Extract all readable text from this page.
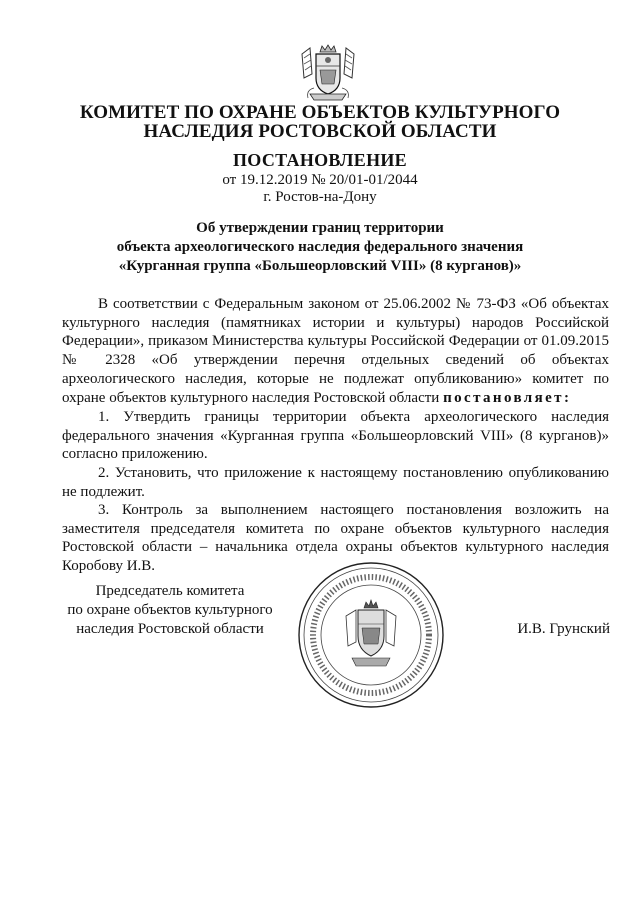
КОМИТЕТ ПО ОХРАНЕ ОБЪЕКТОВ КУЛЬТУРНОГО
НАСЛЕДИЯ РОСТОВСКОЙ ОБЛАСТИ
ПОСТАНОВЛЕНИЕ
от 19.12.2019 № 20/01-01/2044
г. Ростов-на-Дону
Об утверждении границ территории
объекта археологического наследия федерального значения
«Курганная группа «Большеорловский VIII» (8 курганов)»
В соответствии с Федеральным законом от 25.06.2002 № 73-ФЗ «Об объектах культурного наследия (памятниках истории и культуры) народов Российской Федерации», приказом Министерства культуры Российской Федерации от 01.09.2015 № 2328 «Об утверждении перечня отдельных сведений об объектах археологического наследия, которые не подлежат опубликованию» комитет по охране объектов культурного наследия Ростовской области постановляет:
1. Утвердить границы территории объекта археологического наследия федерального значения «Курганная группа «Большеорловский VIII» (8 курганов)» согласно приложению.
2. Установить, что приложение к настоящему постановлению опубликованию не подлежит.
3. Контроль за выполнением настоящего постановления возложить на заместителя председателя комитета по охране объектов культурного наследия Ростовской области – начальника отдела охраны объектов культурного наследия Коробову И.В.
Председатель комитета
по охране объектов культурного
наследия Ростовской области	И.В. Грунский
